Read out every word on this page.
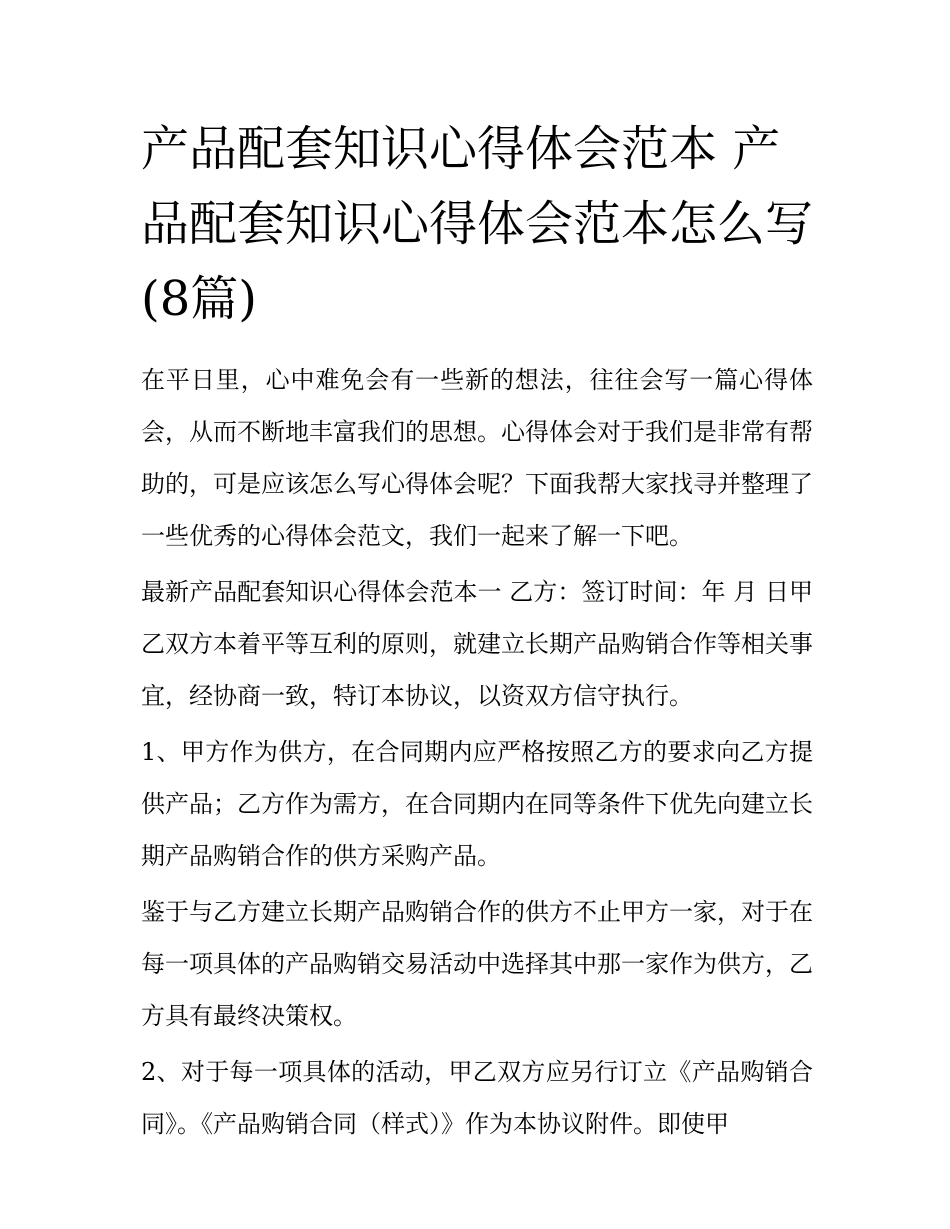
产品配套知识心得体会范本 产品配套知识心得体会范本怎么写(8篇)

在平日里，心中难免会有一些新的想法，往往会写一篇心得体会，从而不断地丰富我们的思想。心得体会对于我们是非常有帮助的，可是应该怎么写心得体会呢？下面我帮大家找寻并整理了一些优秀的心得体会范文，我们一起来了解一下吧。

最新产品配套知识心得体会范本一 乙方：签订时间：年 月 日甲乙双方本着平等互利的原则，就建立长期产品购销合作等相关事宜，经协商一致，特订本协议，以资双方信守执行。

1、甲方作为供方，在合同期内应严格按照乙方的要求向乙方提供产品；乙方作为需方，在合同期内在同等条件下优先向建立长期产品购销合作的供方采购产品。

鉴于与乙方建立长期产品购销合作的供方不止甲方一家，对于在每一项具体的产品购销交易活动中选择其中那一家作为供方，乙方具有最终决策权。

2、对于每一项具体的活动，甲乙双方应另行订立《产品购销合同》。《产品购销合同（样式）》作为本协议附件。即使甲
